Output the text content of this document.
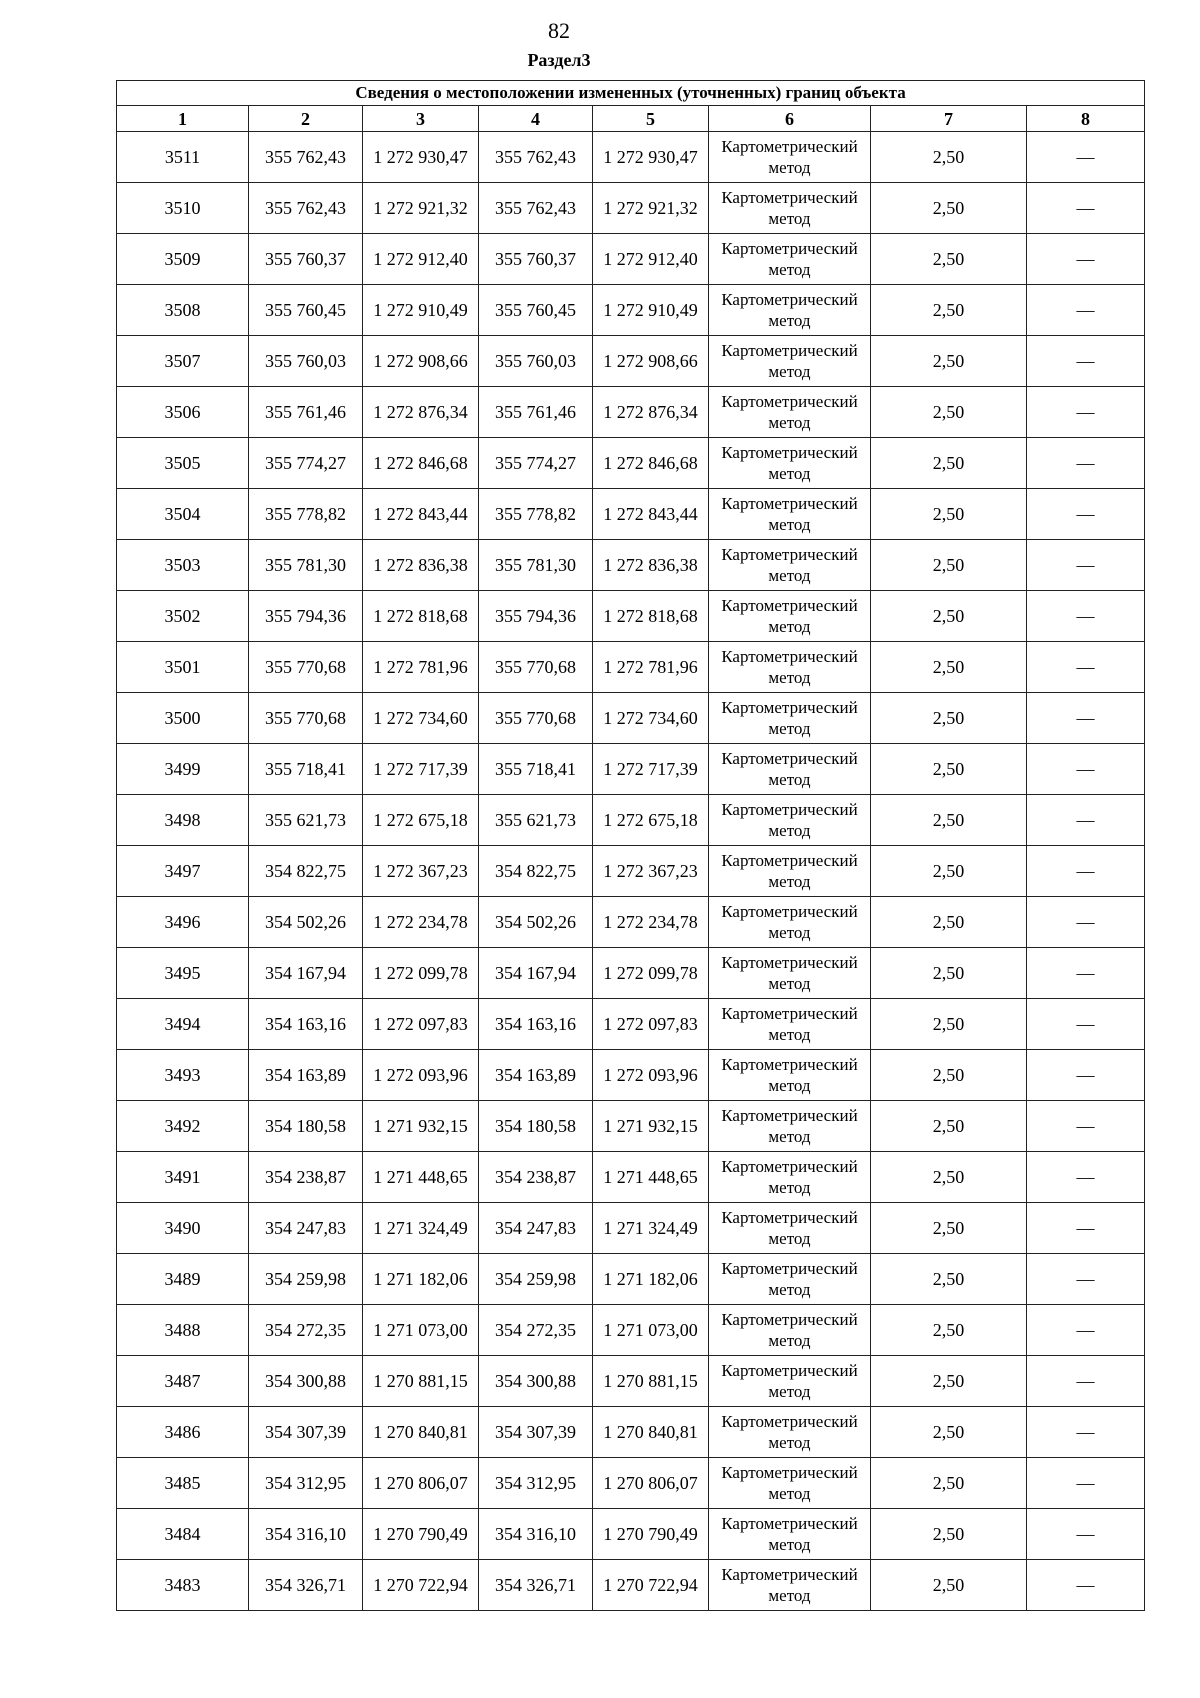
82
Раздел3
Сведения о местоположении измененных (уточненных) границ объекта							
1	2	3	4	5	6	7	8
3511	355 762,43	1 272 930,47	355 762,43	1 272 930,47	Картометрический метод	2,50	—
3510	355 762,43	1 272 921,32	355 762,43	1 272 921,32	Картометрический метод	2,50	—
3509	355 760,37	1 272 912,40	355 760,37	1 272 912,40	Картометрический метод	2,50	—
3508	355 760,45	1 272 910,49	355 760,45	1 272 910,49	Картометрический метод	2,50	—
3507	355 760,03	1 272 908,66	355 760,03	1 272 908,66	Картометрический метод	2,50	—
3506	355 761,46	1 272 876,34	355 761,46	1 272 876,34	Картометрический метод	2,50	—
3505	355 774,27	1 272 846,68	355 774,27	1 272 846,68	Картометрический метод	2,50	—
3504	355 778,82	1 272 843,44	355 778,82	1 272 843,44	Картометрический метод	2,50	—
3503	355 781,30	1 272 836,38	355 781,30	1 272 836,38	Картометрический метод	2,50	—
3502	355 794,36	1 272 818,68	355 794,36	1 272 818,68	Картометрический метод	2,50	—
3501	355 770,68	1 272 781,96	355 770,68	1 272 781,96	Картометрический метод	2,50	—
3500	355 770,68	1 272 734,60	355 770,68	1 272 734,60	Картометрический метод	2,50	—
3499	355 718,41	1 272 717,39	355 718,41	1 272 717,39	Картометрический метод	2,50	—
3498	355 621,73	1 272 675,18	355 621,73	1 272 675,18	Картометрический метод	2,50	—
3497	354 822,75	1 272 367,23	354 822,75	1 272 367,23	Картометрический метод	2,50	—
3496	354 502,26	1 272 234,78	354 502,26	1 272 234,78	Картометрический метод	2,50	—
3495	354 167,94	1 272 099,78	354 167,94	1 272 099,78	Картометрический метод	2,50	—
3494	354 163,16	1 272 097,83	354 163,16	1 272 097,83	Картометрический метод	2,50	—
3493	354 163,89	1 272 093,96	354 163,89	1 272 093,96	Картометрический метод	2,50	—
3492	354 180,58	1 271 932,15	354 180,58	1 271 932,15	Картометрический метод	2,50	—
3491	354 238,87	1 271 448,65	354 238,87	1 271 448,65	Картометрический метод	2,50	—
3490	354 247,83	1 271 324,49	354 247,83	1 271 324,49	Картометрический метод	2,50	—
3489	354 259,98	1 271 182,06	354 259,98	1 271 182,06	Картометрический метод	2,50	—
3488	354 272,35	1 271 073,00	354 272,35	1 271 073,00	Картометрический метод	2,50	—
3487	354 300,88	1 270 881,15	354 300,88	1 270 881,15	Картометрический метод	2,50	—
3486	354 307,39	1 270 840,81	354 307,39	1 270 840,81	Картометрический метод	2,50	—
3485	354 312,95	1 270 806,07	354 312,95	1 270 806,07	Картометрический метод	2,50	—
3484	354 316,10	1 270 790,49	354 316,10	1 270 790,49	Картометрический метод	2,50	—
3483	354 326,71	1 270 722,94	354 326,71	1 270 722,94	Картометрический метод	2,50	—
